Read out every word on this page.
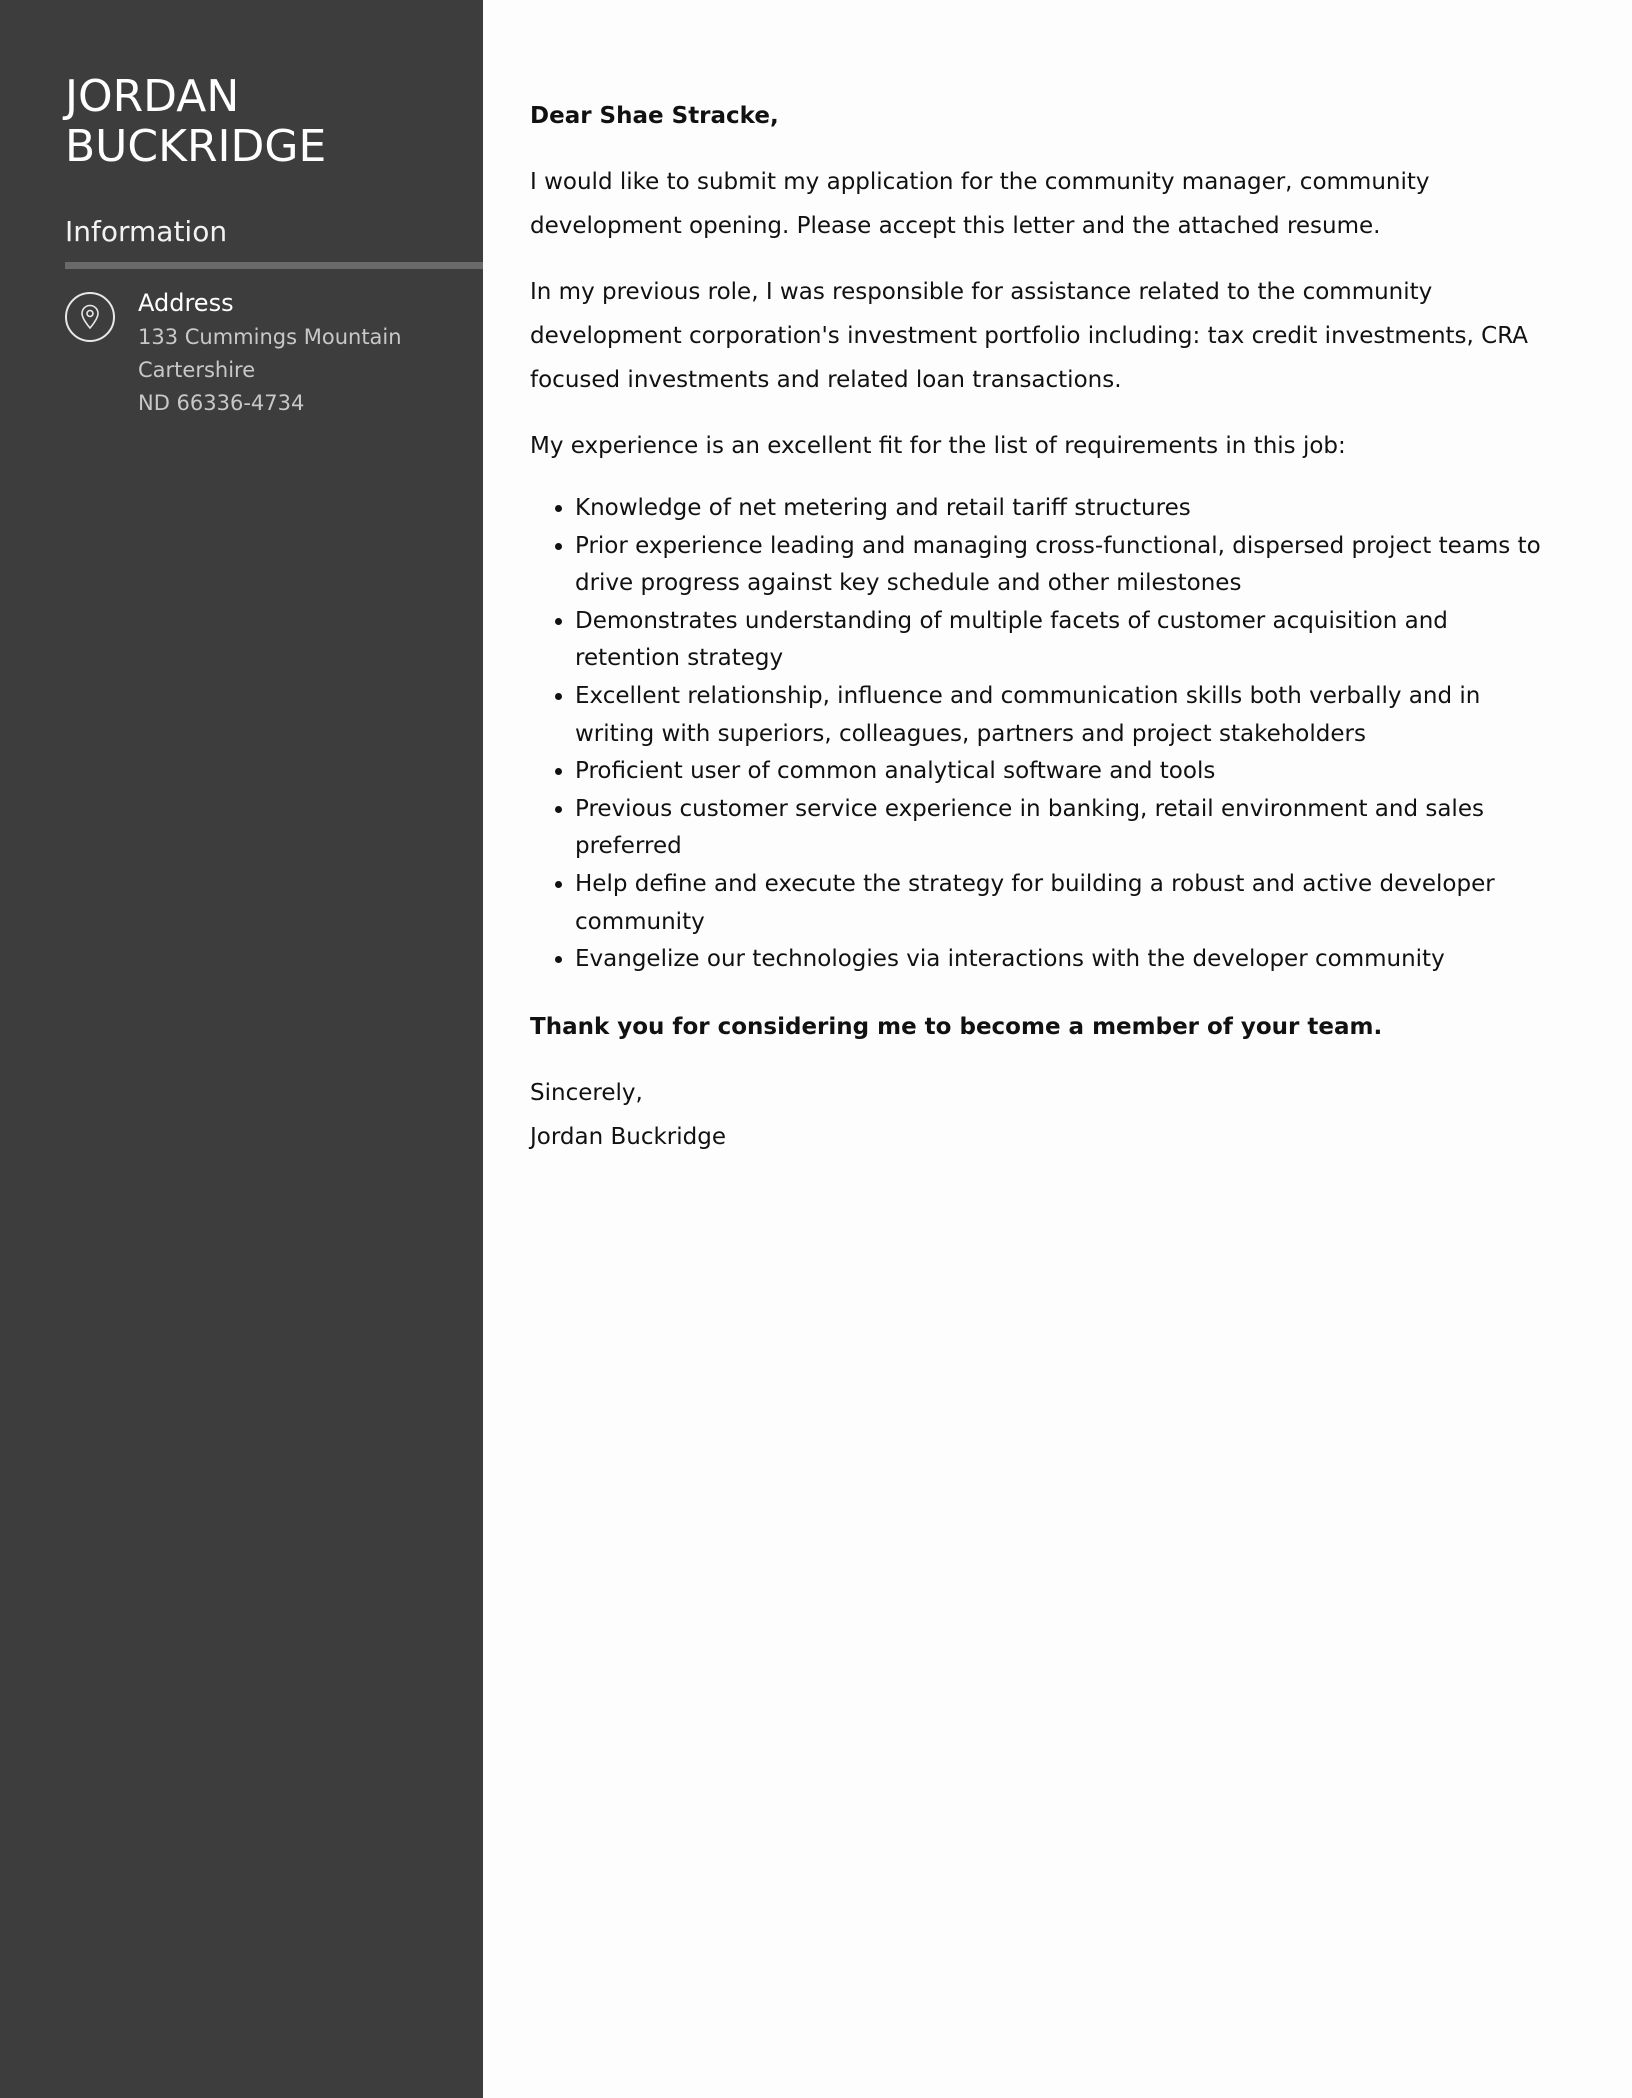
JORDAN
BUCKRIDGE
Information
Address
133 Cummings Mountain
Cartershire
ND 66336-4734

Dear Shae Stracke,

I would like to submit my application for the community manager, community development opening. Please accept this letter and the attached resume.

In my previous role, I was responsible for assistance related to the community development corporation's investment portfolio including: tax credit investments, CRA focused investments and related loan transactions.

My experience is an excellent fit for the list of requirements in this job:

• Knowledge of net metering and retail tariff structures
• Prior experience leading and managing cross-functional, dispersed project teams to drive progress against key schedule and other milestones
• Demonstrates understanding of multiple facets of customer acquisition and retention strategy
• Excellent relationship, influence and communication skills both verbally and in writing with superiors, colleagues, partners and project stakeholders
• Proficient user of common analytical software and tools
• Previous customer service experience in banking, retail environment and sales preferred
• Help define and execute the strategy for building a robust and active developer community
• Evangelize our technologies via interactions with the developer community

Thank you for considering me to become a member of your team.

Sincerely,
Jordan Buckridge
